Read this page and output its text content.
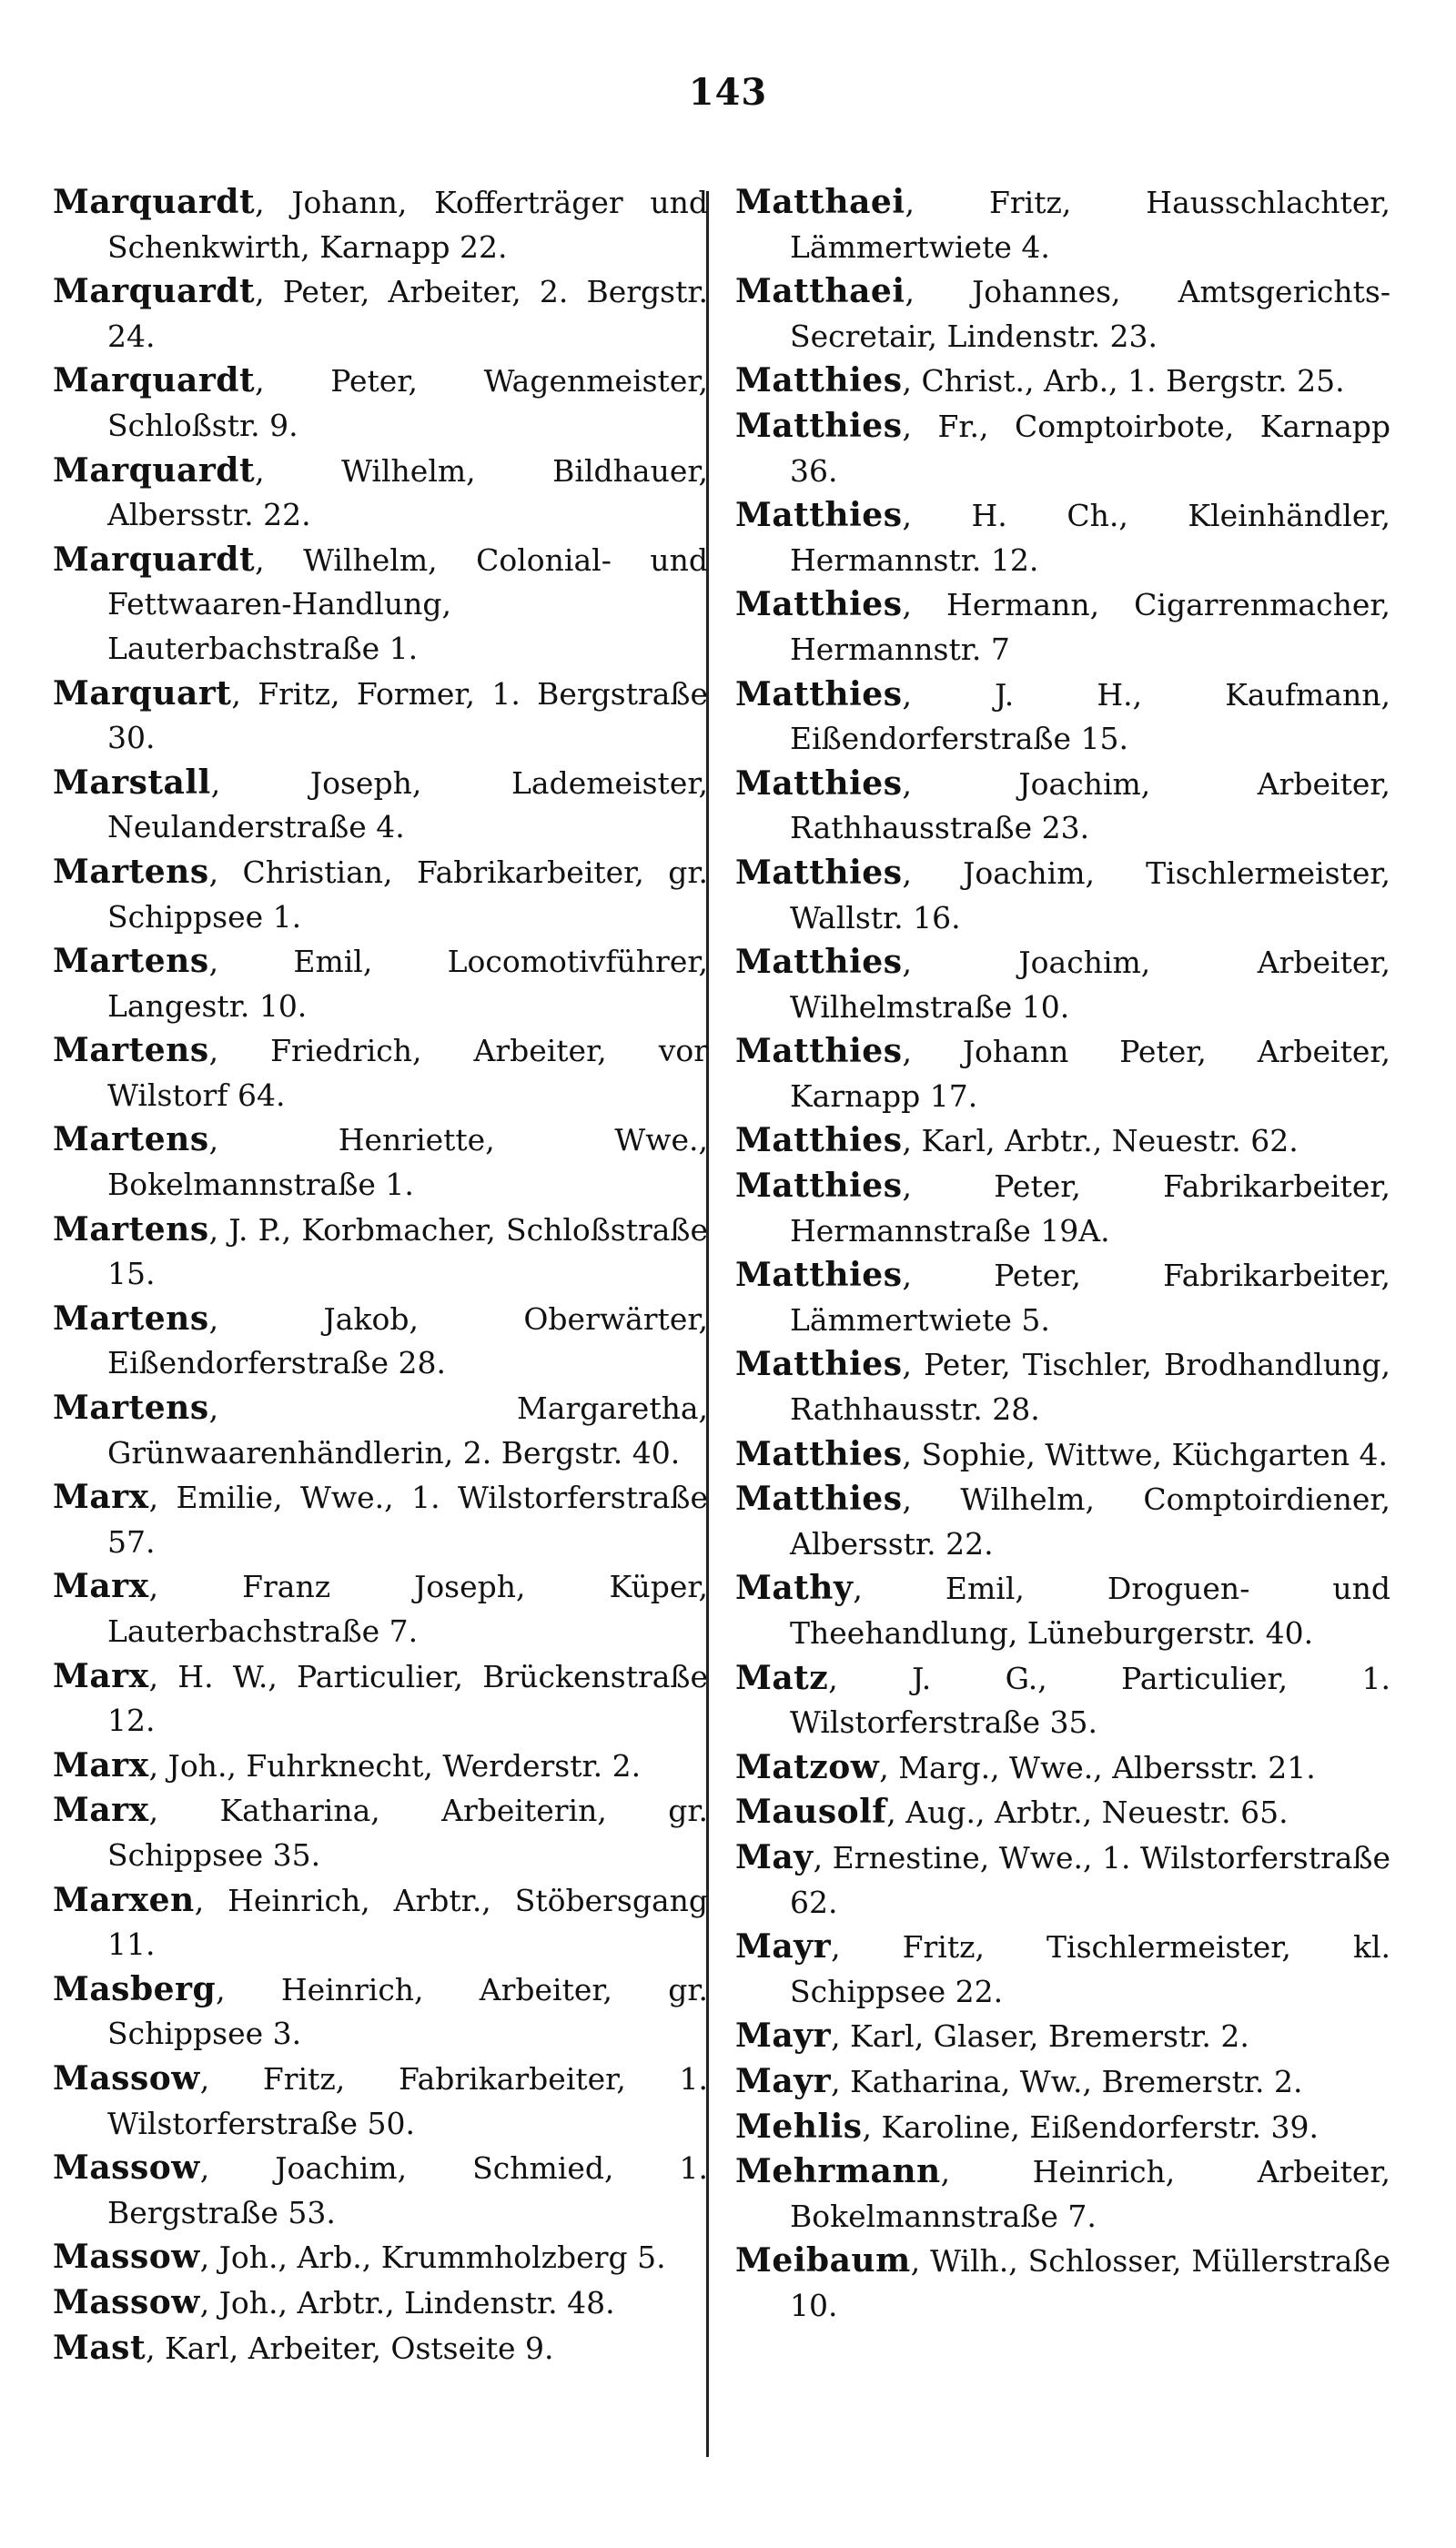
143

Marquardt, Johann, Kofferträger und Schenkwirth, Karnapp 22.

Marquardt, Peter, Arbeiter, 2. Bergstr. 24.

Marquardt, Peter, Wagenmeister, Schloßstr. 9.

Marquardt, Wilhelm, Bildhauer, Albersstr. 22.

Marquardt, Wilhelm, Colonial- und Fettwaaren-Handlung, Lauterbachstraße 1.

Marquart, Fritz, Former, 1. Bergstraße 30.

Marstall, Joseph, Lademeister, Neulanderstraße 4.

Martens, Christian, Fabrikarbeiter, gr. Schippsee 1.

Martens, Emil, Locomotivführer, Langestr. 10.

Martens, Friedrich, Arbeiter, vor Wilstorf 64.

Martens, Henriette, Wwe., Bokelmannstraße 1.

Martens, J. P., Korbmacher, Schloßstraße 15.

Martens, Jakob, Oberwärter, Eißendorferstraße 28.

Martens, Margaretha, Grünwaarenhändlerin, 2. Bergstr. 40.

Marx, Emilie, Wwe., 1. Wilstorferstraße 57.

Marx, Franz Joseph, Küper, Lauterbachstraße 7.

Marx, H. W., Particulier, Brückenstraße 12.

Marx, Joh., Fuhrknecht, Werderstr. 2.

Marx, Katharina, Arbeiterin, gr. Schippsee 35.

Marxen, Heinrich, Arbtr., Stöbersgang 11.

Masberg, Heinrich, Arbeiter, gr. Schippsee 3.

Massow, Fritz, Fabrikarbeiter, 1. Wilstorferstraße 50.

Massow, Joachim, Schmied, 1. Bergstraße 53.

Massow, Joh., Arb., Krummholzberg 5.

Massow, Joh., Arbtr., Lindenstr. 48.

Mast, Karl, Arbeiter, Ostseite 9.

Matthaei, Fritz, Hausschlachter, Lämmertwiete 4.

Matthaei, Johannes, Amtsgerichts-Secretair, Lindenstr. 23.

Matthies, Christ., Arb., 1. Bergstr. 25.

Matthies, Fr., Comptoirbote, Karnapp 36.

Matthies, H. Ch., Kleinhändler, Hermannstr. 12.

Matthies, Hermann, Cigarrenmacher, Hermannstr. 7

Matthies, J. H., Kaufmann, Eißendorferstraße 15.

Matthies, Joachim, Arbeiter, Rathhausstraße 23.

Matthies, Joachim, Tischlermeister, Wallstr. 16.

Matthies, Joachim, Arbeiter, Wilhelmstraße 10.

Matthies, Johann Peter, Arbeiter, Karnapp 17.

Matthies, Karl, Arbtr., Neuestr. 62.

Matthies, Peter, Fabrikarbeiter, Hermannstraße 19A.

Matthies, Peter, Fabrikarbeiter, Lämmertwiete 5.

Matthies, Peter, Tischler, Brodhandlung, Rathhausstr. 28.

Matthies, Sophie, Wittwe, Küchgarten 4.

Matthies, Wilhelm, Comptoirdiener, Albersstr. 22.

Mathy, Emil, Droguen- und Theehandlung, Lüneburgerstr. 40.

Matz, J. G., Particulier, 1. Wilstorferstraße 35.

Matzow, Marg., Wwe., Albersstr. 21.

Mausolf, Aug., Arbtr., Neuestr. 65.

May, Ernestine, Wwe., 1. Wilstorferstraße 62.

Mayr, Fritz, Tischlermeister, kl. Schippsee 22.

Mayr, Karl, Glaser, Bremerstr. 2.

Mayr, Katharina, Ww., Bremerstr. 2.

Mehlis, Karoline, Eißendorferstr. 39.

Mehrmann, Heinrich, Arbeiter, Bokelmannstraße 7.

Meibaum, Wilh., Schlosser, Müllerstraße 10.
